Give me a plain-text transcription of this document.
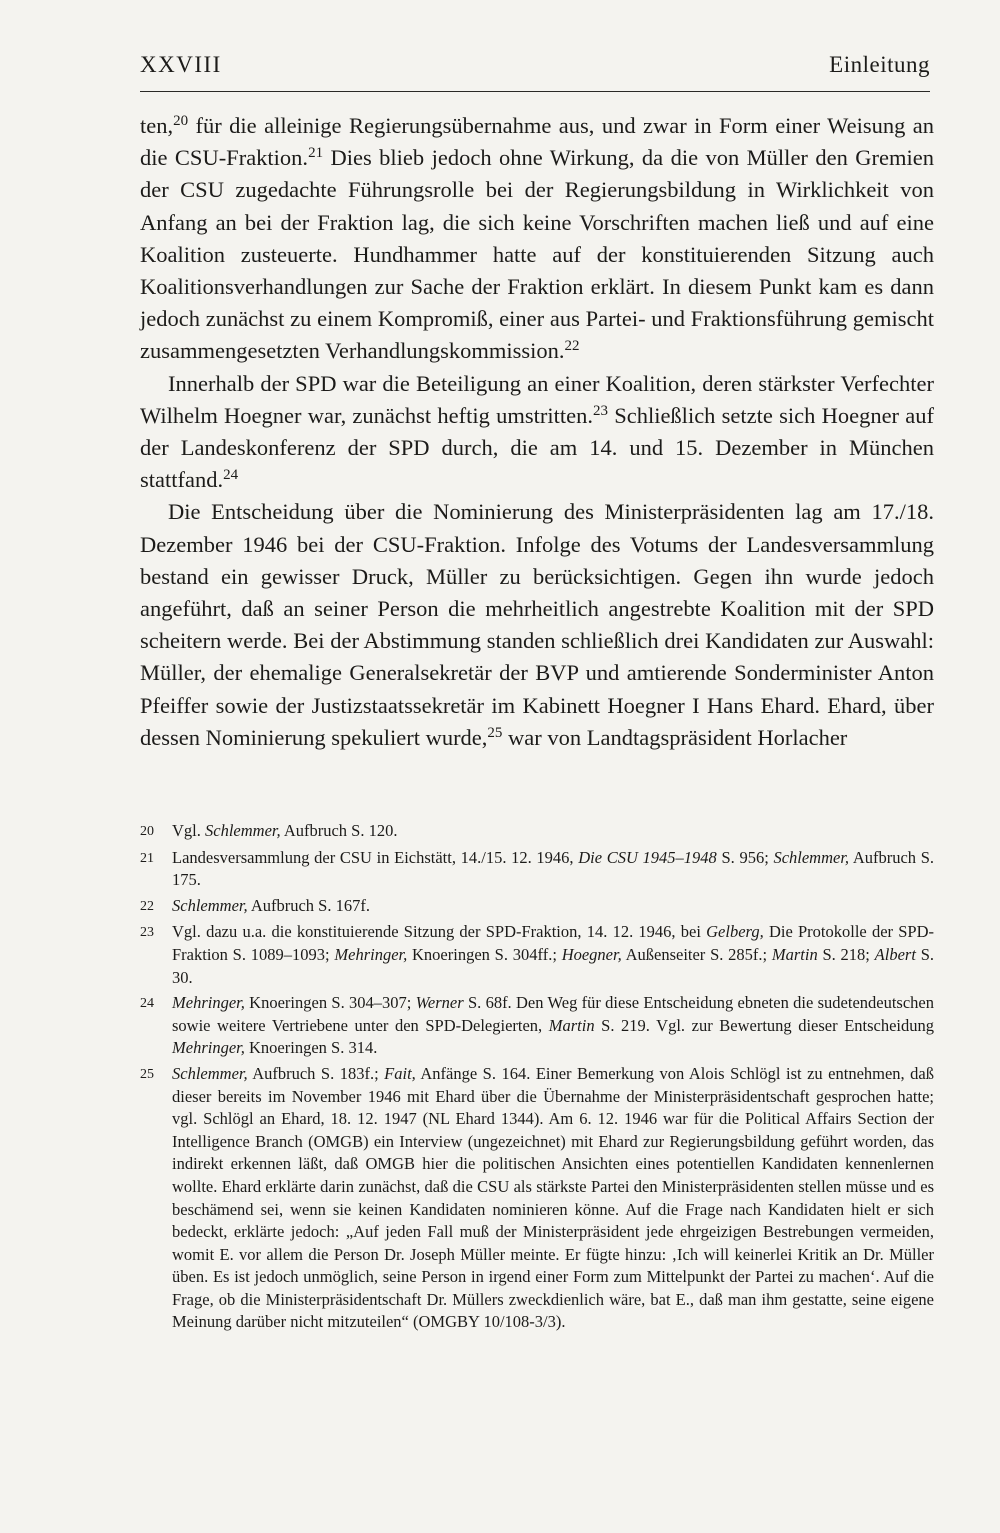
XXVIII	Einleitung

ten,$^{20}$ für die alleinige Regierungsübernahme aus, und zwar in Form einer Weisung an die CSU-Fraktion.$^{21}$ Dies blieb jedoch ohne Wirkung, da die von Müller den Gremien der CSU zugedachte Führungsrolle bei der Regierungsbildung in Wirklichkeit von Anfang an bei der Fraktion lag, die sich keine Vorschriften machen ließ und auf eine Koalition zusteuerte. Hundhammer hatte auf der konstituierenden Sitzung auch Koalitionsverhandlungen zur Sache der Fraktion erklärt. In diesem Punkt kam es dann jedoch zunächst zu einem Kompromiß, einer aus Partei- und Fraktionsführung gemischt zusammengesetzten Verhandlungskommission.$^{22}$

Innerhalb der SPD war die Beteiligung an einer Koalition, deren stärkster Verfechter Wilhelm Hoegner war, zunächst heftig umstritten.$^{23}$ Schließlich setzte sich Hoegner auf der Landeskonferenz der SPD durch, die am 14. und 15. Dezember in München stattfand.$^{24}$

Die Entscheidung über die Nominierung des Ministerpräsidenten lag am 17./18. Dezember 1946 bei der CSU-Fraktion. Infolge des Votums der Landesversammlung bestand ein gewisser Druck, Müller zu berücksichtigen. Gegen ihn wurde jedoch angeführt, daß an seiner Person die mehrheitlich angestrebte Koalition mit der SPD scheitern werde. Bei der Abstimmung standen schließlich drei Kandidaten zur Auswahl: Müller, der ehemalige Generalsekretär der BVP und amtierende Sonderminister Anton Pfeiffer sowie der Justizstaatssekretär im Kabinett Hoegner I Hans Ehard. Ehard, über dessen Nominierung spekuliert wurde,$^{25}$ war von Landtagspräsident Horlacher

20	Vgl. Schlemmer, Aufbruch S. 120.
21	Landesversammlung der CSU in Eichstätt, 14./15. 12. 1946, Die CSU 1945–1948 S. 956; Schlemmer, Aufbruch S. 175.
22	Schlemmer, Aufbruch S. 167f.
23	Vgl. dazu u.a. die konstituierende Sitzung der SPD-Fraktion, 14. 12. 1946, bei Gelberg, Die Protokolle der SPD-Fraktion S. 1089–1093; Mehringer, Knoeringen S. 304ff.; Hoegner, Außenseiter S. 285f.; Martin S. 218; Albert S. 30.
24	Mehringer, Knoeringen S. 304–307; Werner S. 68f. Den Weg für diese Entscheidung ebneten die sudetendeutschen sowie weitere Vertriebene unter den SPD-Delegierten, Martin S. 219. Vgl. zur Bewertung dieser Entscheidung Mehringer, Knoeringen S. 314.
25	Schlemmer, Aufbruch S. 183f.; Fait, Anfänge S. 164. Einer Bemerkung von Alois Schlögl ist zu entnehmen, daß dieser bereits im November 1946 mit Ehard über die Übernahme der Ministerpräsidentschaft gesprochen hatte; vgl. Schlögl an Ehard, 18. 12. 1947 (NL Ehard 1344). Am 6. 12. 1946 war für die Political Affairs Section der Intelligence Branch (OMGB) ein Interview (ungezeichnet) mit Ehard zur Regierungsbildung geführt worden, das indirekt erkennen läßt, daß OMGB hier die politischen Ansichten eines potentiellen Kandidaten kennenlernen wollte. Ehard erklärte darin zunächst, daß die CSU als stärkste Partei den Ministerpräsidenten stellen müsse und es beschämend sei, wenn sie keinen Kandidaten nominieren könne. Auf die Frage nach Kandidaten hielt er sich bedeckt, erklärte jedoch: „Auf jeden Fall muß der Ministerpräsident jede ehrgeizigen Bestrebungen vermeiden, womit E. vor allem die Person Dr. Joseph Müller meinte. Er fügte hinzu: ‚Ich will keinerlei Kritik an Dr. Müller üben. Es ist jedoch unmöglich, seine Person in irgend einer Form zum Mittelpunkt der Partei zu machen‘. Auf die Frage, ob die Ministerpräsidentschaft Dr. Müllers zweckdienlich wäre, bat E., daß man ihm gestatte, seine eigene Meinung darüber nicht mitzuteilen“ (OMGBY 10/108-3/3).
